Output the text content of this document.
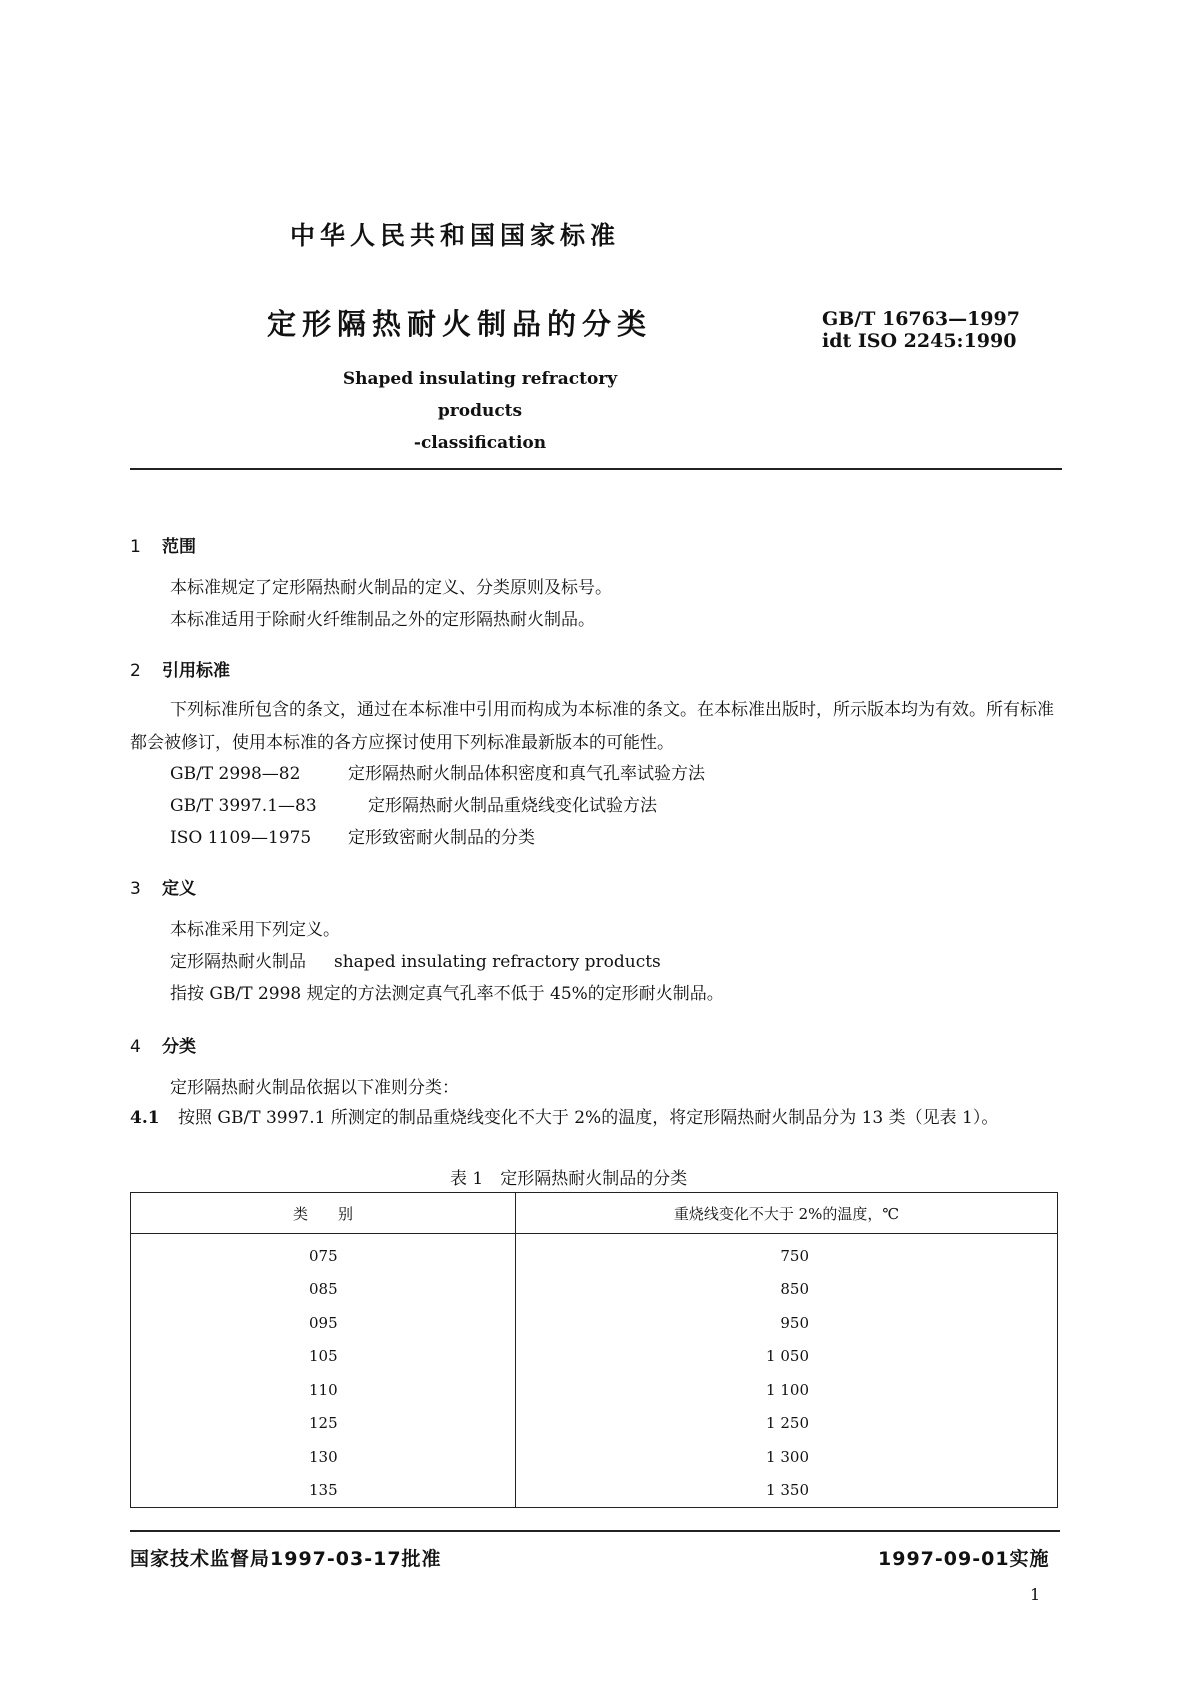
中华人民共和国国家标准
定形隔热耐火制品的分类	GB/T 16763—1997
idt ISO 2245:1990
Shaped insulating refractory products
-classification
1 范围
本标准规定了定形隔热耐火制品的定义、分类原则及标号。
本标准适用于除耐火纤维制品之外的定形隔热耐火制品。
2 引用标准
下列标准所包含的条文，通过在本标准中引用而构成为本标准的条文。在本标准出版时，所示版本均为有效。所有标准都会被修订，使用本标准的各方应探讨使用下列标准最新版本的可能性。
GB/T 2998—82	定形隔热耐火制品体积密度和真气孔率试验方法
GB/T 3997.1—83	定形隔热耐火制品重烧线变化试验方法
ISO 1109—1975 定形致密耐火制品的分类
3 定义
本标准采用下列定义。
定形隔热耐火制品 shaped insulating refractory products
指按 GB/T 2998 规定的方法测定真气孔率不低于 45%的定形耐火制品。
4 分类
定形隔热耐火制品依据以下准则分类：
4.1 按照 GB/T 3997.1 所测定的制品重烧线变化不大于 2%的温度，将定形隔热耐火制品分为 13 类（见表 1）。
表 1　定形隔热耐火制品的分类
类　　别	重烧线变化不大于 2%的温度，℃
075	750
085	850
095	950
105	1 050
110	1 100
125	1 250
130	1 300
135	1 350
国家技术监督局1997-03-17批准	1997-09-01实施
1
